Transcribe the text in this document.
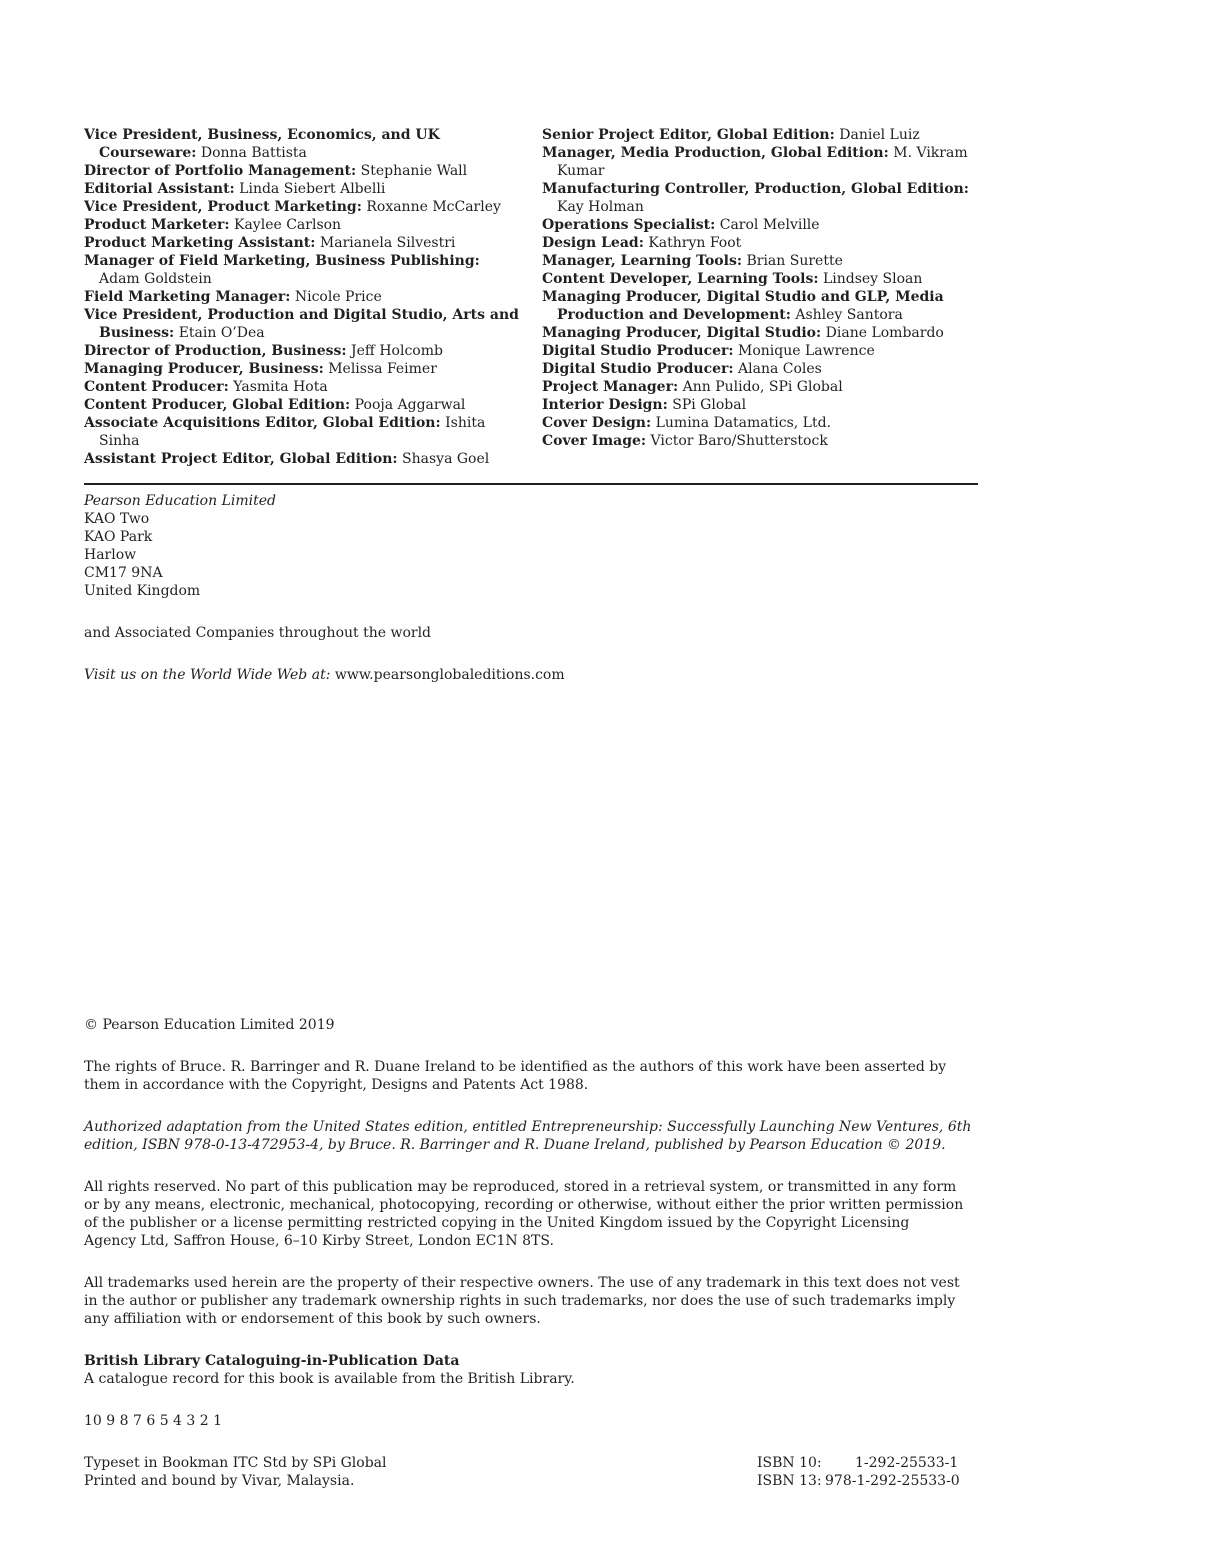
Vice President, Business, Economics, and UK Courseware: Donna Battista
Director of Portfolio Management: Stephanie Wall
Editorial Assistant: Linda Siebert Albelli
Vice President, Product Marketing: Roxanne McCarley
Product Marketer: Kaylee Carlson
Product Marketing Assistant: Marianela Silvestri
Manager of Field Marketing, Business Publishing: Adam Goldstein
Field Marketing Manager: Nicole Price
Vice President, Production and Digital Studio, Arts and Business: Etain O’Dea
Director of Production, Business: Jeff Holcomb
Managing Producer, Business: Melissa Feimer
Content Producer: Yasmita Hota
Content Producer, Global Edition: Pooja Aggarwal
Associate Acquisitions Editor, Global Edition: Ishita Sinha
Assistant Project Editor, Global Edition: Shasya Goel
Senior Project Editor, Global Edition: Daniel Luiz
Manager, Media Production, Global Edition: M. Vikram Kumar
Manufacturing Controller, Production, Global Edition: Kay Holman
Operations Specialist: Carol Melville
Design Lead: Kathryn Foot
Manager, Learning Tools: Brian Surette
Content Developer, Learning Tools: Lindsey Sloan
Managing Producer, Digital Studio and GLP, Media Production and Development: Ashley Santora
Managing Producer, Digital Studio: Diane Lombardo
Digital Studio Producer: Monique Lawrence
Digital Studio Producer: Alana Coles
Project Manager: Ann Pulido, SPi Global
Interior Design: SPi Global
Cover Design: Lumina Datamatics, Ltd.
Cover Image: Victor Baro/Shutterstock
Pearson Education Limited
KAO Two
KAO Park
Harlow
CM17 9NA
United Kingdom
and Associated Companies throughout the world
Visit us on the World Wide Web at: www.pearsonglobaleditions.com
© Pearson Education Limited 2019
The rights of Bruce. R. Barringer and R. Duane Ireland to be identified as the authors of this work have been asserted by them in accordance with the Copyright, Designs and Patents Act 1988.
Authorized adaptation from the United States edition, entitled Entrepreneurship: Successfully Launching New Ventures, 6th edition, ISBN 978-0-13-472953-4, by Bruce. R. Barringer and R. Duane Ireland, published by Pearson Education © 2019.
All rights reserved. No part of this publication may be reproduced, stored in a retrieval system, or transmitted in any form or by any means, electronic, mechanical, photocopying, recording or otherwise, without either the prior written permission of the publisher or a license permitting restricted copying in the United Kingdom issued by the Copyright Licensing Agency Ltd, Saffron House, 6–10 Kirby Street, London EC1N 8TS.
All trademarks used herein are the property of their respective owners. The use of any trademark in this text does not vest in the author or publisher any trademark ownership rights in such trademarks, nor does the use of such trademarks imply any affiliation with or endorsement of this book by such owners.
British Library Cataloguing-in-Publication Data
A catalogue record for this book is available from the British Library.
10 9 8 7 6 5 4 3 2 1
Typeset in Bookman ITC Std by SPi Global
Printed and bound by Vivar, Malaysia.
ISBN 10: 1-292-25533-1
ISBN 13: 978-1-292-25533-0
